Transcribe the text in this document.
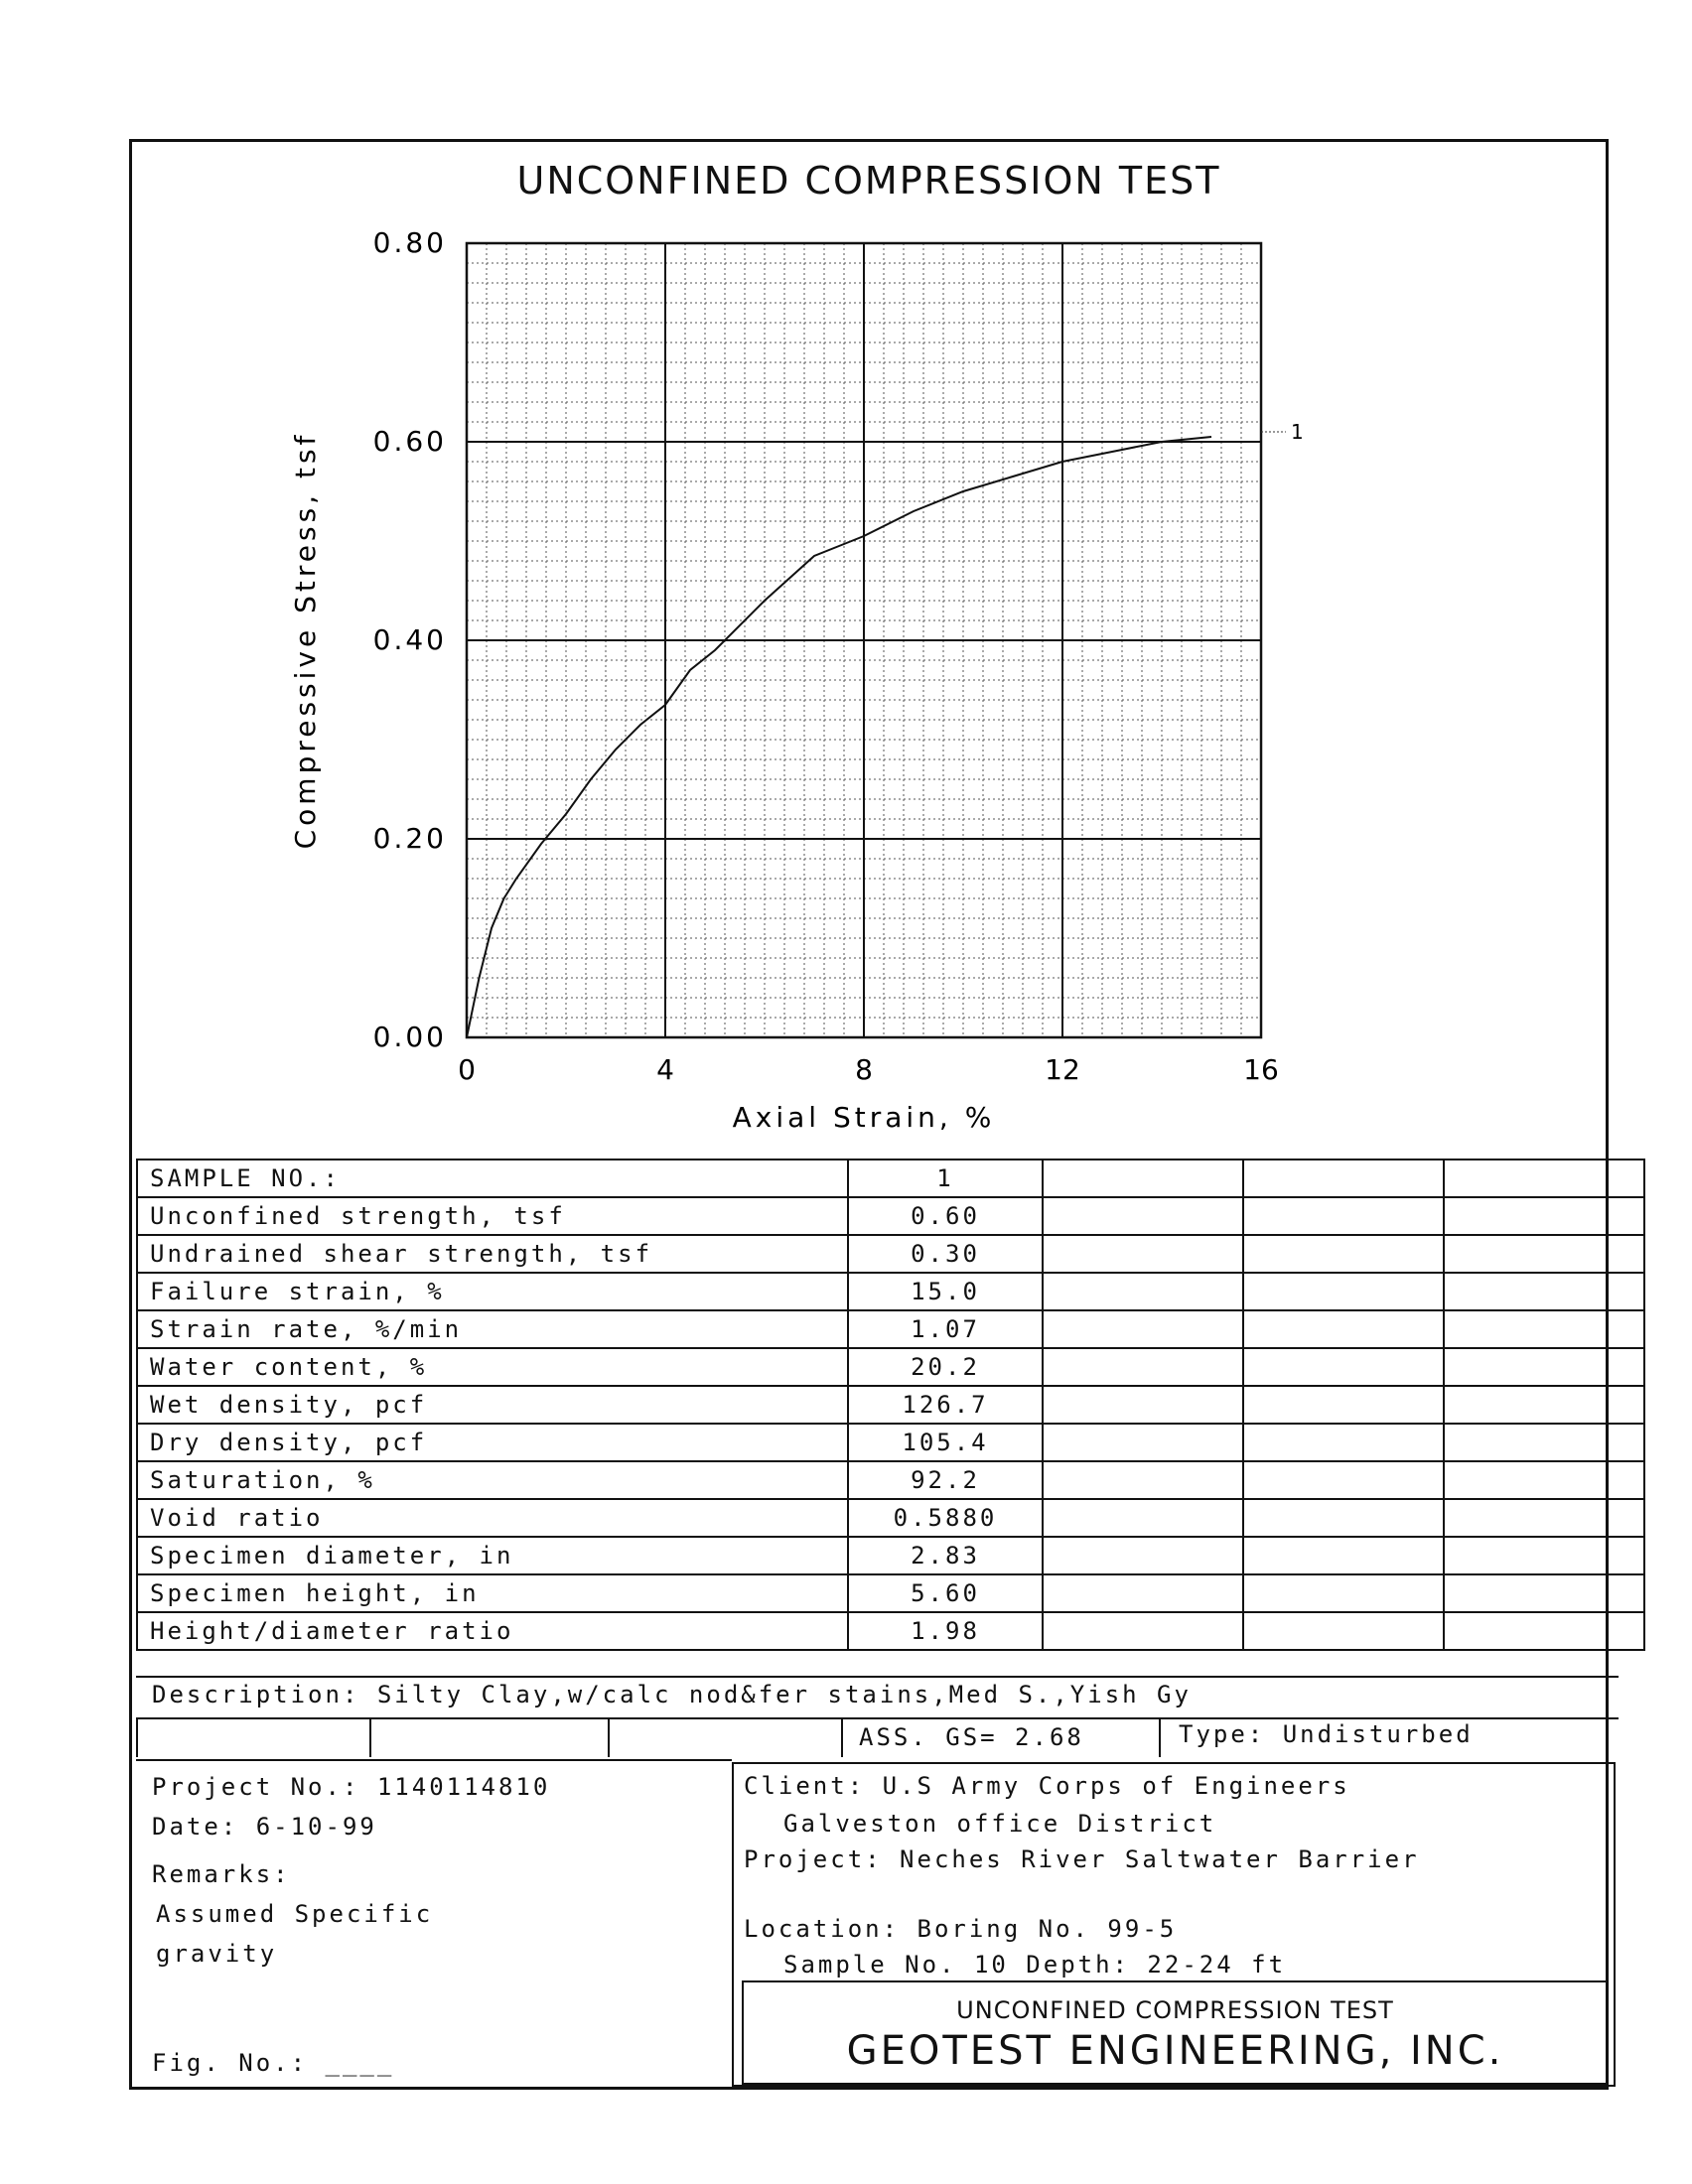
UNCONFINED COMPRESSION TEST
0.00
0.20
0.40
0.60
0.80
0	4	8	12	16
Axial Strain, %
Compressive Stress, tsf	1
SAMPLE NO.:	1			
Unconfined strength, tsf	0.60			
Undrained shear strength, tsf	0.30			
Failure strain, %	15.0			
Strain rate, %/min	1.07			
Water content, %	20.2			
Wet density, pcf	126.7			
Dry density, pcf	105.4			
Saturation, %	92.2			
Void ratio	0.5880			
Specimen diameter, in	2.83			
Specimen height, in	5.60			
Height/diameter ratio	1.98			
Description: Silty Clay,w/calc nod&fer stains,Med S.,Yish Gy
ASS. GS= 2.68	Type: Undisturbed
Project No.: 1140114810
Date: 6-10-99
Remarks:
Assumed Specific
gravity
Fig. No.: ____
Client: U.S Army Corps of Engineers
Galveston office District
Project: Neches River Saltwater Barrier
Location: Boring No. 99-5
Sample No. 10 Depth: 22-24 ft
UNCONFINED COMPRESSION TEST
GEOTEST ENGINEERING, INC.
